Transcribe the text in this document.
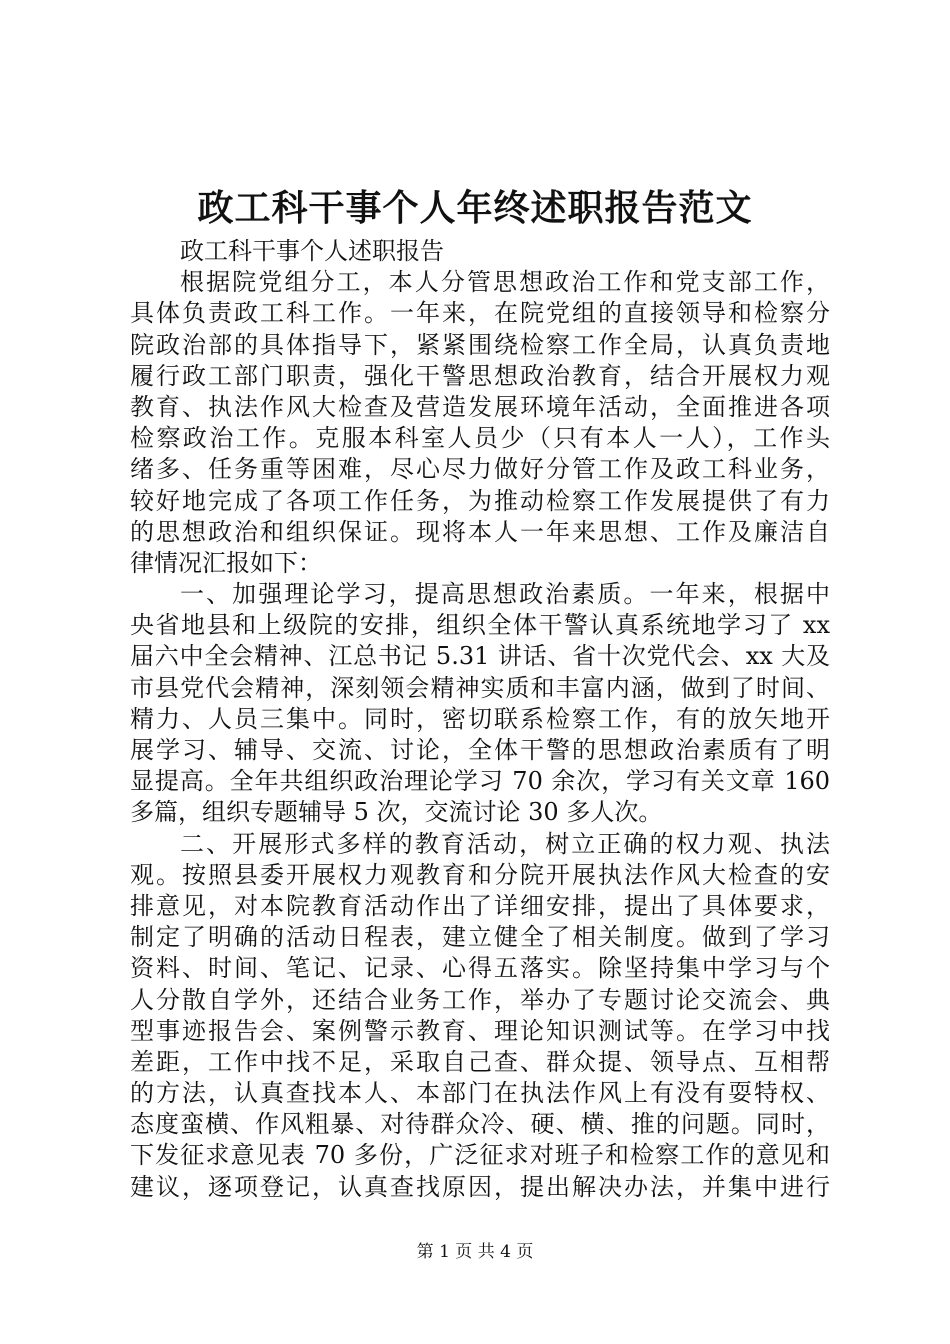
政工科干事个人年终述职报告范文
政工科干事个人述职报告
根据院党组分工，本人分管思想政治工作和党支部工作，
具体负责政工科工作。一年来，在院党组的直接领导和检察分
院政治部的具体指导下，紧紧围绕检察工作全局，认真负责地
履行政工部门职责，强化干警思想政治教育，结合开展权力观
教育、执法作风大检查及营造发展环境年活动，全面推进各项
检察政治工作。克服本科室人员少（只有本人一人），工作头
绪多、任务重等困难，尽心尽力做好分管工作及政工科业务，
较好地完成了各项工作任务，为推动检察工作发展提供了有力
的思想政治和组织保证。现将本人一年来思想、工作及廉洁自
律情况汇报如下：
一、加强理论学习，提高思想政治素质。一年来，根据中
央省地县和上级院的安排，组织全体干警认真系统地学习了 xx
届六中全会精神、江总书记 5.31 讲话、省十次党代会、xx 大及
市县党代会精神，深刻领会精神实质和丰富内涵，做到了时间、
精力、人员三集中。同时，密切联系检察工作，有的放矢地开
展学习、辅导、交流、讨论，全体干警的思想政治素质有了明
显提高。全年共组织政治理论学习 70 余次，学习有关文章 160
多篇，组织专题辅导 5 次，交流讨论 30 多人次。
二、开展形式多样的教育活动，树立正确的权力观、执法
观。按照县委开展权力观教育和分院开展执法作风大检查的安
排意见，对本院教育活动作出了详细安排，提出了具体要求，
制定了明确的活动日程表，建立健全了相关制度。做到了学习
资料、时间、笔记、记录、心得五落实。除坚持集中学习与个
人分散自学外，还结合业务工作，举办了专题讨论交流会、典
型事迹报告会、案例警示教育、理论知识测试等。在学习中找
差距，工作中找不足，采取自己查、群众提、领导点、互相帮
的方法，认真查找本人、本部门在执法作风上有没有耍特权、
态度蛮横、作风粗暴、对待群众冷、硬、横、推的问题。同时，
下发征求意见表 70 多份，广泛征求对班子和检察工作的意见和
建议，逐项登记，认真查找原因，提出解决办法，并集中进行
第 1 页 共 4 页
